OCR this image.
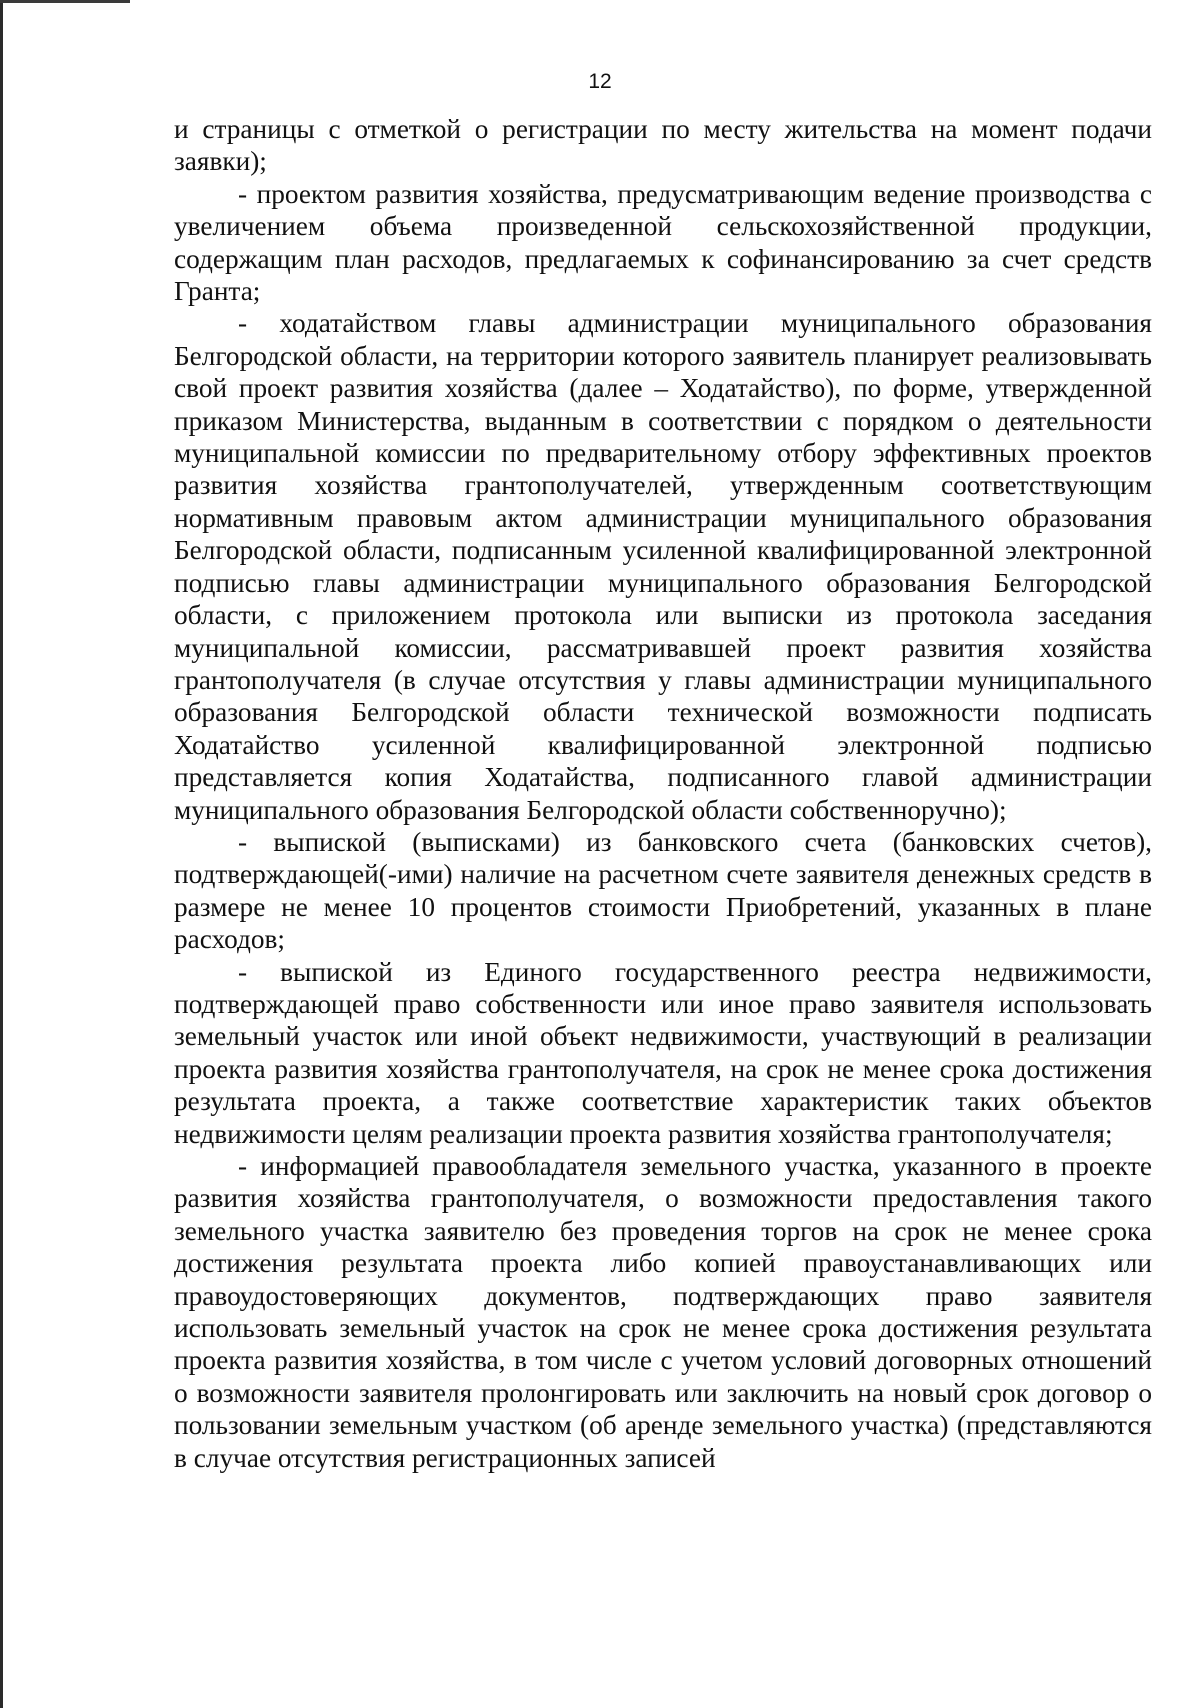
12

и страницы с отметкой о регистрации по месту жительства на момент подачи заявки);

- проектом развития хозяйства, предусматривающим ведение производства с увеличением объема произведенной сельскохозяйственной продукции, содержащим план расходов, предлагаемых к софинансированию за счет средств Гранта;

- ходатайством главы администрации муниципального образования Белгородской области, на территории которого заявитель планирует реализовывать свой проект развития хозяйства (далее – Ходатайство), по форме, утвержденной приказом Министерства, выданным в соответствии с порядком о деятельности муниципальной комиссии по предварительному отбору эффективных проектов развития хозяйства грантополучателей, утвержденным соответствующим нормативным правовым актом администрации муниципального образования Белгородской области, подписанным усиленной квалифицированной электронной подписью главы администрации муниципального образования Белгородской области, с приложением протокола или выписки из протокола заседания муниципальной комиссии, рассматривавшей проект развития хозяйства грантополучателя (в случае отсутствия у главы администрации муниципального образования Белгородской области технической возможности подписать Ходатайство усиленной квалифицированной электронной подписью представляется копия Ходатайства, подписанного главой администрации муниципального образования Белгородской области собственноручно);

- выпиской (выписками) из банковского счета (банковских счетов), подтверждающей(-ими) наличие на расчетном счете заявителя денежных средств в размере не менее 10 процентов стоимости Приобретений, указанных в плане расходов;

- выпиской из Единого государственного реестра недвижимости, подтверждающей право собственности или иное право заявителя использовать земельный участок или иной объект недвижимости, участвующий в реализации проекта развития хозяйства грантополучателя, на срок не менее срока достижения результата проекта, а также соответствие характеристик таких объектов недвижимости целям реализации проекта развития хозяйства грантополучателя;

- информацией правообладателя земельного участка, указанного в проекте развития хозяйства грантополучателя, о возможности предоставления такого земельного участка заявителю без проведения торгов на срок не менее срока достижения результата проекта либо копией правоустанавливающих или правоудостоверяющих документов, подтверждающих право заявителя использовать земельный участок на срок не менее срока достижения результата проекта развития хозяйства, в том числе с учетом условий договорных отношений о возможности заявителя пролонгировать или заключить на новый срок договор о пользовании земельным участком (об аренде земельного участка) (представляются в случае отсутствия регистрационных записей
